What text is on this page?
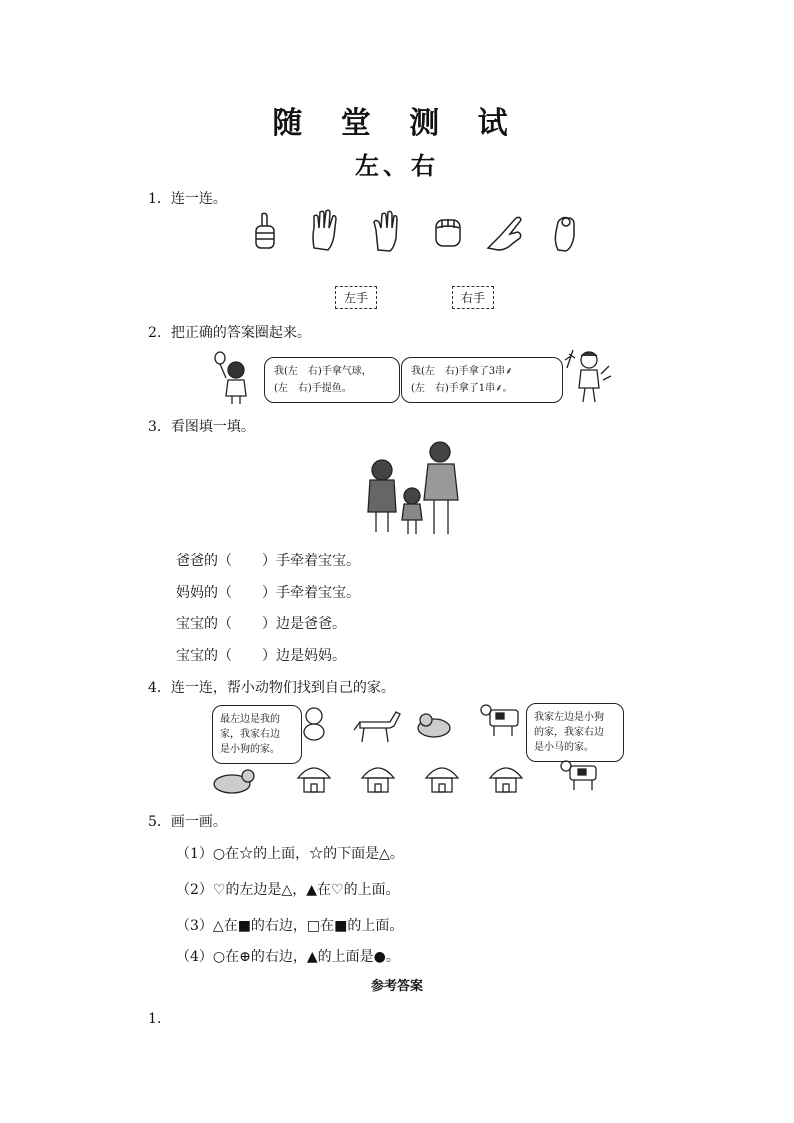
随 堂 测 试
左、右
1．连一连。
左手	右手
2．把正确的答案圈起来。
我(左　右)手拿气球，
(左　右)手提鱼。
我(左　右)手拿了3串⸙
(左　右)手拿了1串⸙。
3．看图填一填。
爸爸的（ ）手牵着宝宝。
妈妈的（ ）手牵着宝宝。
宝宝的（ ）边是爸爸。
宝宝的（ ）边是妈妈。
4．连一连，帮小动物们找到自己的家。
最左边是我的
家，我家右边
是小狗的家。
我家左边是小狗
的家，我家右边
是小马的家。
5．画一画。
（1）○在☆的上面，☆的下面是△。
（2）♡的左边是△，▲在♡的上面。
（3）△在■的右边，□在■的上面。
（4）○在⊕的右边，▲的上面是●。
参考答案
1.
